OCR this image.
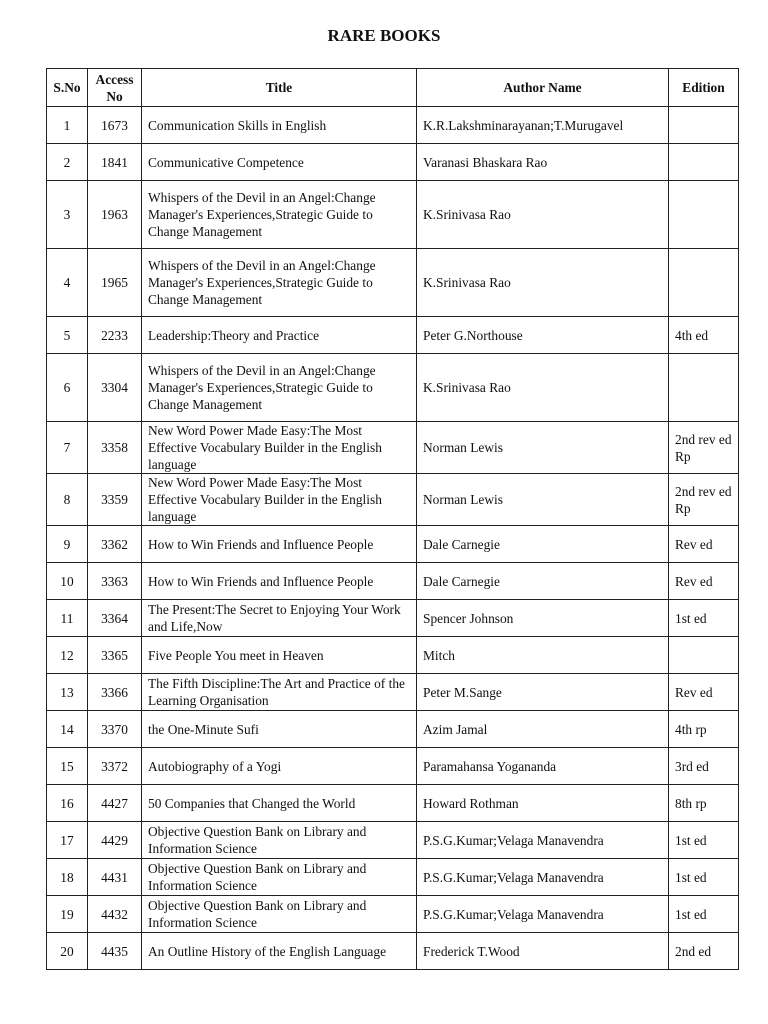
RARE BOOKS
S.No	Access No	Title	Author Name	Edition
1	1673	Communication Skills in English	K.R.Lakshminarayanan;T.Murugavel	
2	1841	Communicative Competence	Varanasi Bhaskara Rao	
3	1963	Whispers of the Devil in an Angel:Change Manager's Experiences,Strategic Guide to Change Management	K.Srinivasa Rao	
4	1965	Whispers of the Devil in an Angel:Change Manager's Experiences,Strategic Guide to Change Management	K.Srinivasa Rao	
5	2233	Leadership:Theory and Practice	Peter G.Northouse	4th ed
6	3304	Whispers of the Devil in an Angel:Change Manager's Experiences,Strategic Guide to Change Management	K.Srinivasa Rao	
7	3358	New Word Power Made Easy:The Most Effective Vocabulary Builder in the English language	Norman Lewis	2nd rev ed Rp
8	3359	New Word Power Made Easy:The Most Effective Vocabulary Builder in the English language	Norman Lewis	2nd rev ed Rp
9	3362	How to Win Friends and Influence People	Dale Carnegie	Rev ed
10	3363	How to Win Friends and Influence People	Dale Carnegie	Rev ed
11	3364	The Present:The Secret to Enjoying Your Work and Life,Now	Spencer Johnson	1st ed
12	3365	Five People You meet in Heaven	Mitch	
13	3366	The Fifth Discipline:The Art and Practice of the Learning Organisation	Peter M.Sange	Rev ed
14	3370	the One-Minute Sufi	Azim Jamal	4th rp
15	3372	Autobiography of a Yogi	Paramahansa Yogananda	3rd ed
16	4427	50 Companies that Changed the World	Howard Rothman	8th rp
17	4429	Objective Question Bank on Library and Information Science	P.S.G.Kumar;Velaga Manavendra	1st ed
18	4431	Objective Question Bank on Library and Information Science	P.S.G.Kumar;Velaga Manavendra	1st ed
19	4432	Objective Question Bank on Library and Information Science	P.S.G.Kumar;Velaga Manavendra	1st ed
20	4435	An Outline History of the English Language	Frederick T.Wood	2nd ed
